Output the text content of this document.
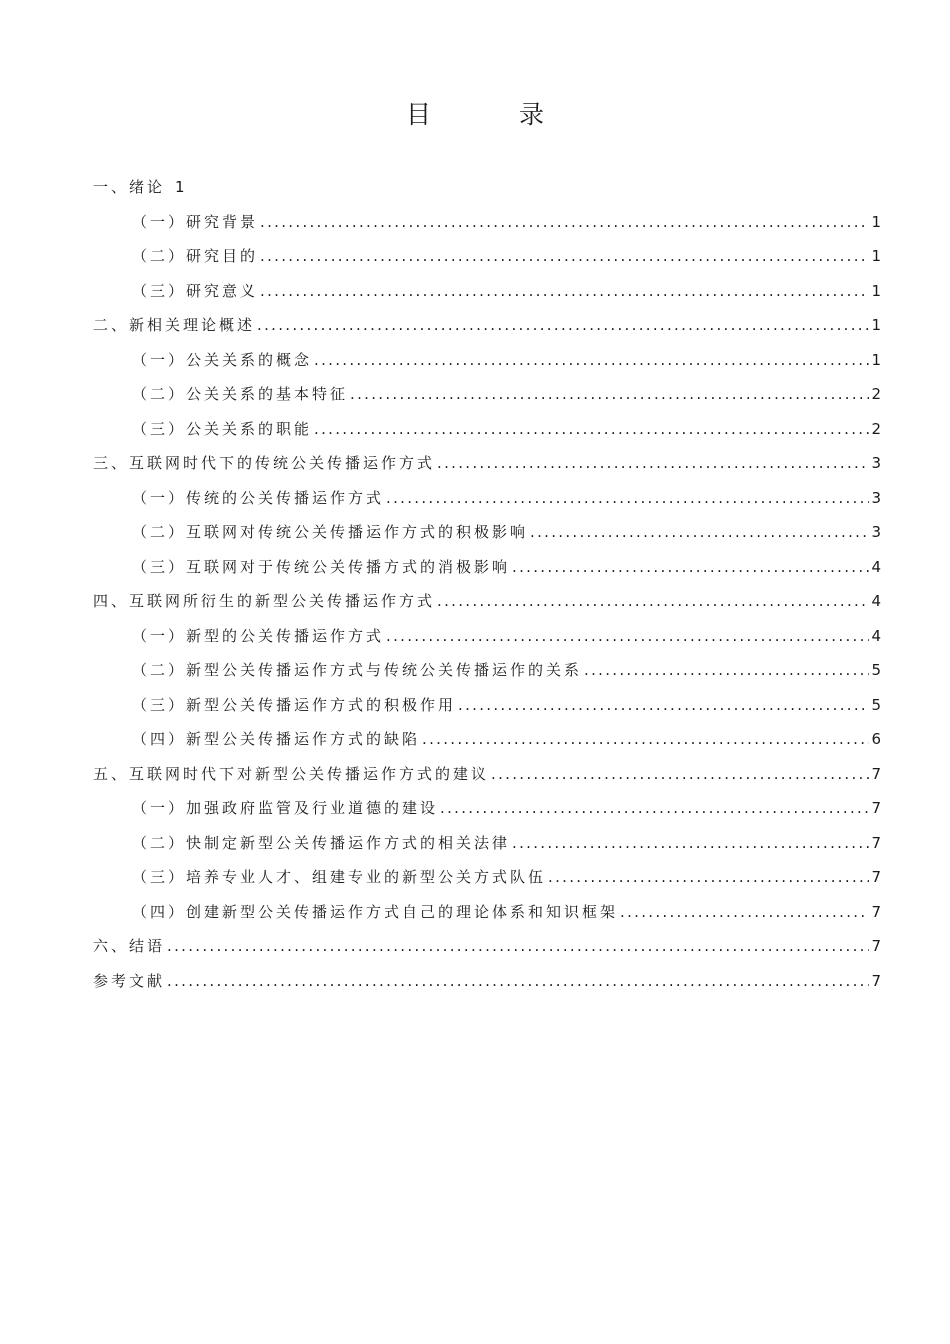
目 录
一、绪论 1
（一）研究背景 .....	1
（二）研究目的 .....	1
（三）研究意义 .....	1
二、新相关理论概述 .....	1
（一）公关关系的概念 .....	1
（二）公关关系的基本特征 .....	2
（三）公关关系的职能 .....	2
三、互联网时代下的传统公关传播运作方式 .....	3
（一）传统的公关传播运作方式 .....	3
（二）互联网对传统公关传播运作方式的积极影响 .....	3
（三）互联网对于传统公关传播方式的消极影响 .....	4
四、互联网所衍生的新型公关传播运作方式 .....	4
（一）新型的公关传播运作方式 .....	4
（二）新型公关传播运作方式与传统公关传播运作的关系 .....	5
（三）新型公关传播运作方式的积极作用 .....	5
（四）新型公关传播运作方式的缺陷 .....	6
五、互联网时代下对新型公关传播运作方式的建议 .....	7
（一）加强政府监管及行业道德的建设 .....	7
（二）快制定新型公关传播运作方式的相关法律 .....	7
（三）培养专业人才、组建专业的新型公关方式队伍 .....	7
（四）创建新型公关传播运作方式自己的理论体系和知识框架 .....	7
六、结语 .....	7
参考文献 .....	7
